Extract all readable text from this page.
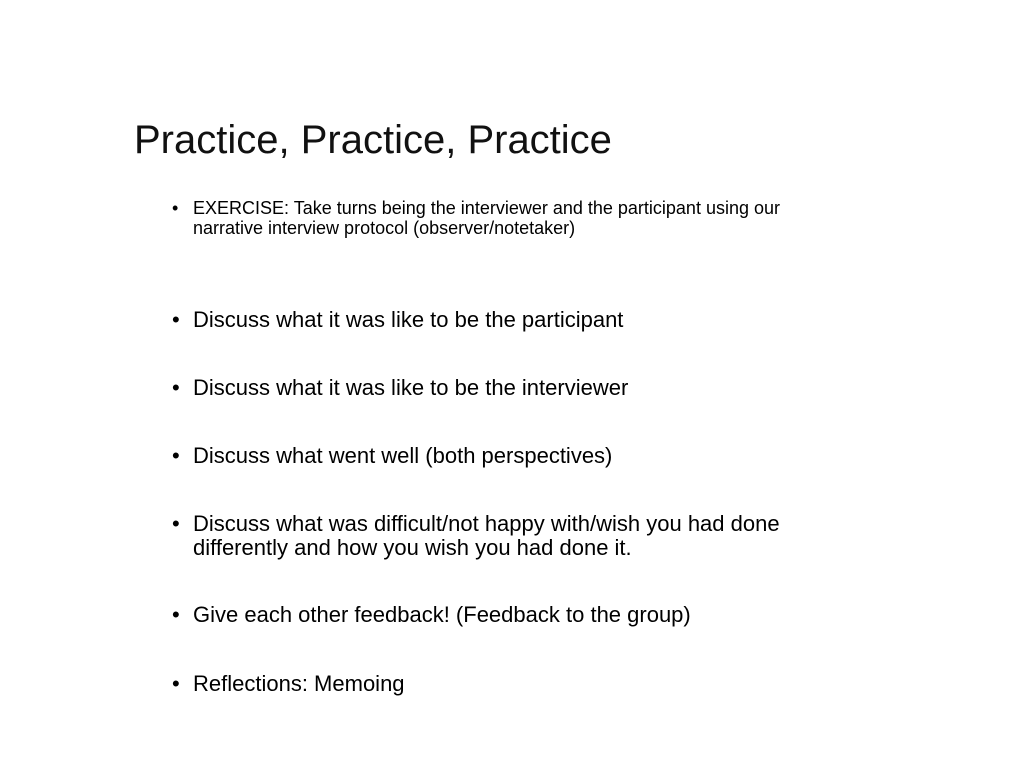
Practice, Practice, Practice
• EXERCISE: Take turns being the interviewer and the participant using our narrative interview protocol (observer/notetaker)
• Discuss what it was like to be the participant
• Discuss what it was like to be the interviewer
• Discuss what went well (both perspectives)
• Discuss what was difficult/not happy with/wish you had done differently and how you wish you had done it.
• Give each other feedback! (Feedback to the group)
• Reflections: Memoing
